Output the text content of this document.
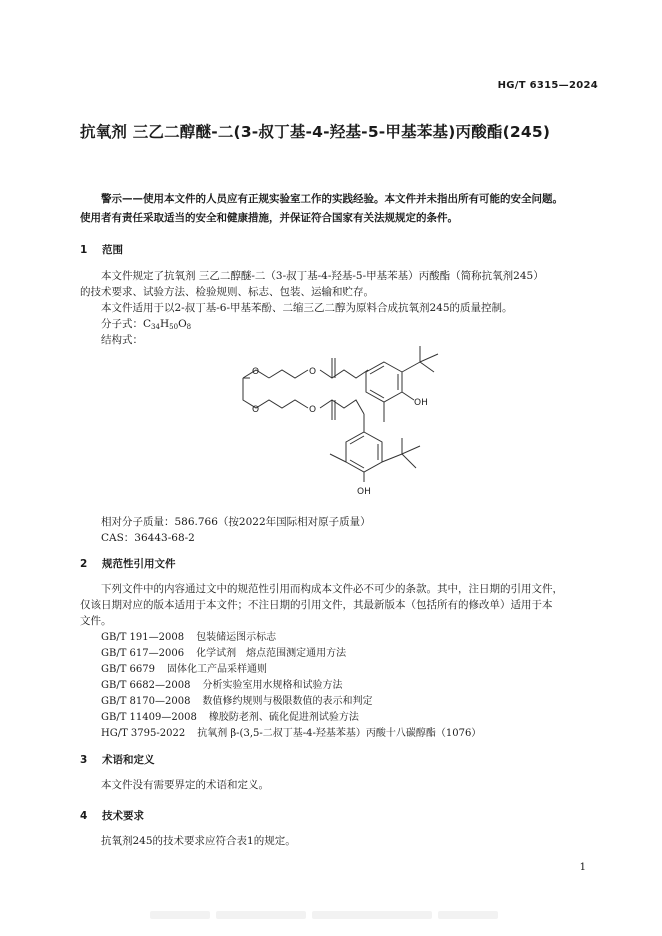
HG/T 6315—2024
抗氧剂 三乙二醇醚-二(3-叔丁基-4-羟基-5-甲基苯基)丙酸酯(245)
警示——使用本文件的人员应有正规实验室工作的实践经验。本文件并未指出所有可能的安全问题。
使用者有责任采取适当的安全和健康措施，并保证符合国家有关法规规定的条件。
1 范围
本文件规定了抗氧剂 三乙二醇醚-二（3-叔丁基-4-羟基-5-甲基苯基）丙酸酯（简称抗氧剂245）
的技术要求、试验方法、检验规则、标志、包装、运输和贮存。
本文件适用于以2-叔丁基-6-甲基苯酚、二缩三乙二醇为原料合成抗氧剂245的质量控制。
分子式：$C_{34}H_{50}O_8$
结构式：
O	O
O	O
OH
OH
相对分子质量：586.766（按2022年国际相对原子质量）
CAS：36443-68-2
2 规范性引用文件
下列文件中的内容通过文中的规范性引用而构成本文件必不可少的条款。其中，注日期的引用文件，
仅该日期对应的版本适用于本文件；不注日期的引用文件，其最新版本（包括所有的修改单）适用于本
文件。
GB/T 191—2008 包装储运图示标志
GB/T 617—2006 化学试剂　熔点范围测定通用方法
GB/T 6679 固体化工产品采样通则
GB/T 6682—2008 分析实验室用水规格和试验方法
GB/T 8170—2008 数值修约规则与极限数值的表示和判定
GB/T 11409—2008 橡胶防老剂、硫化促进剂试验方法
HG/T 3795-2022 抗氧剂 β-(3,5-二叔丁基-4-羟基苯基）丙酸十八碳醇酯（1076）
3 术语和定义
本文件没有需要界定的术语和定义。
4 技术要求
抗氧剂245的技术要求应符合表1的规定。
1
